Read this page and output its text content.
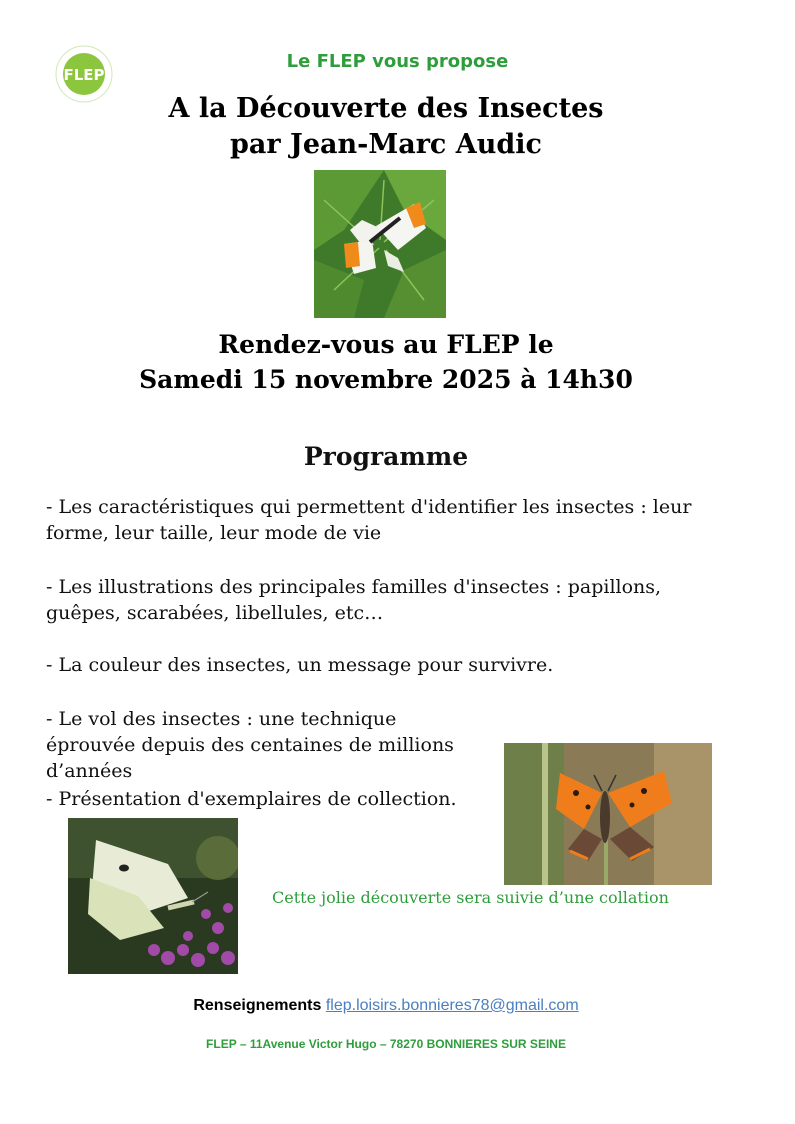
FLEP
Le FLEP vous propose
A la Découverte des Insectes
par Jean-Marc Audic
Rendez-vous au FLEP le
Samedi 15 novembre 2025 à 14h30
Programme
- Les caractéristiques qui permettent d'identifier les insectes : leur forme, leur taille, leur mode de vie
- Les illustrations des principales familles d'insectes : papillons, guêpes, scarabées, libellules, etc…
- La couleur des insectes, un message pour survivre.
- Le vol des insectes : une technique éprouvée depuis des centaines de millions d’années
- Présentation d'exemplaires de collection.
Cette jolie découverte sera suivie d’une collation
Renseignements flep.loisirs.bonnieres78@gmail.com
FLEP – 11Avenue Victor Hugo – 78270 BONNIERES SUR SEINE
